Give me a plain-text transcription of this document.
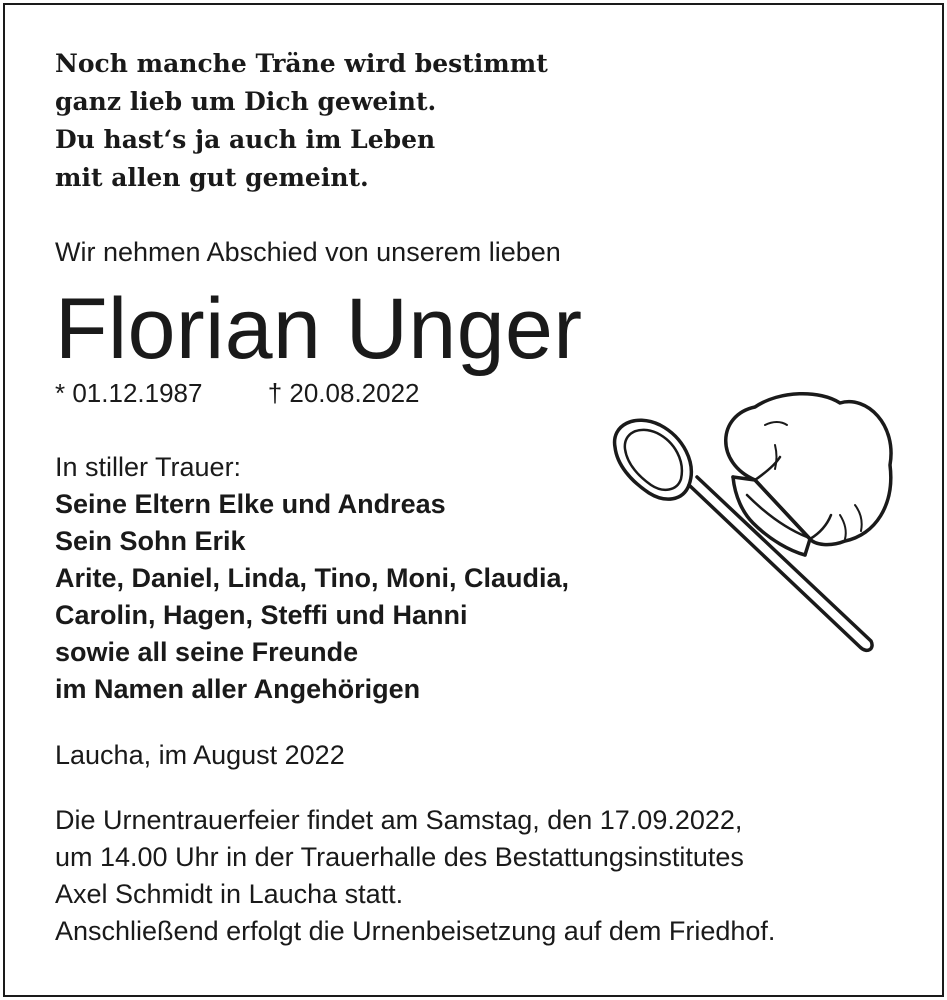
Noch manche Träne wird bestimmt
ganz lieb um Dich geweint.
Du hast‘s ja auch im Leben
mit allen gut gemeint.
Wir nehmen Abschied von unserem lieben
Florian Unger
* 01.12.1987	† 20.08.2022
In stiller Trauer:
Seine Eltern Elke und Andreas
Sein Sohn Erik
Arite, Daniel, Linda, Tino, Moni, Claudia,
Carolin, Hagen, Steffi und Hanni
sowie all seine Freunde
im Namen aller Angehörigen
Laucha, im August 2022
Die Urnentrauerfeier findet am Samstag, den 17.09.2022,
um 14.00 Uhr in der Trauerhalle des Bestattungsinstitutes
Axel Schmidt in Laucha statt.
Anschließend erfolgt die Urnenbeisetzung auf dem Friedhof.
